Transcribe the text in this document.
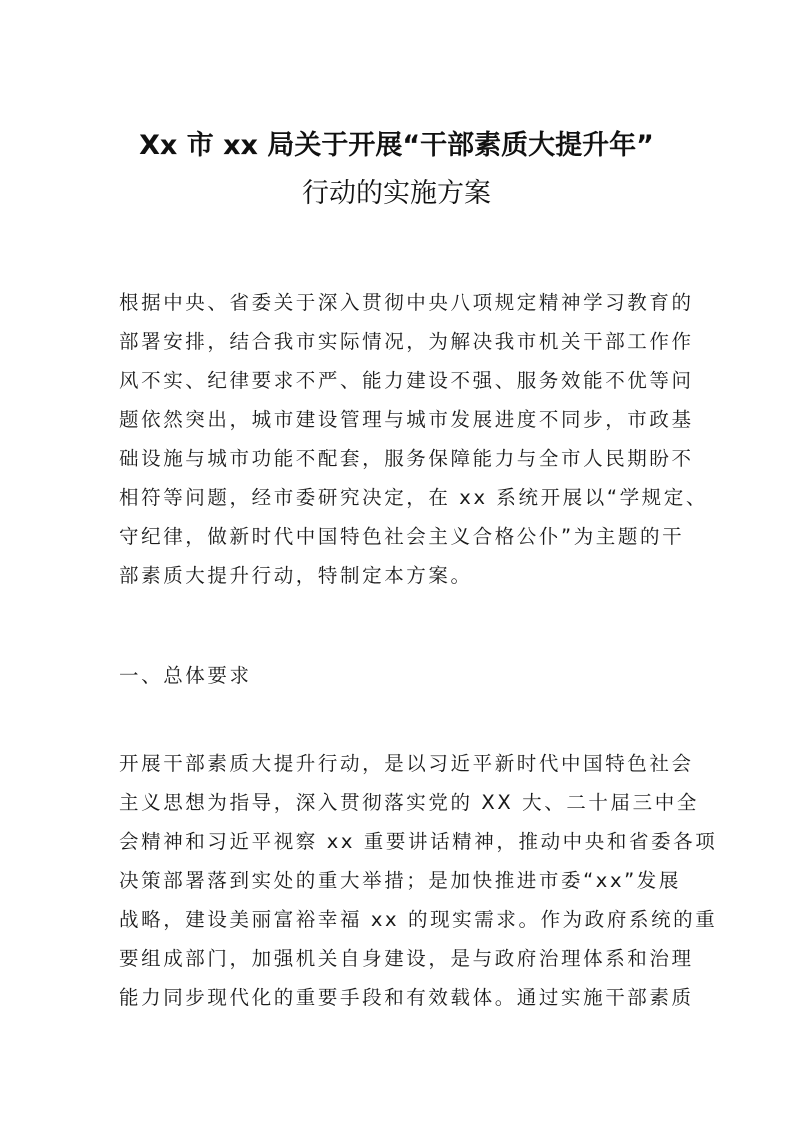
Xx 市 xx 局关于开展“干部素质大提升年”
行动的实施方案
根据中央、省委关于深入贯彻中央八项规定精神学习教育的
部署安排，结合我市实际情况，为解决我市机关干部工作作
风不实、纪律要求不严、能力建设不强、服务效能不优等问
题依然突出，城市建设管理与城市发展进度不同步，市政基
础设施与城市功能不配套，服务保障能力与全市人民期盼不
相符等问题，经市委研究决定，在 xx 系统开展以“学规定、
守纪律，做新时代中国特色社会主义合格公仆”为主题的干
部素质大提升行动，特制定本方案。
一、总体要求
开展干部素质大提升行动，是以习近平新时代中国特色社会
主义思想为指导，深入贯彻落实党的 XX 大、二十届三中全
会精神和习近平视察 xx 重要讲话精神，推动中央和省委各项
决策部署落到实处的重大举措；是加快推进市委“xx”发展
战略，建设美丽富裕幸福 xx 的现实需求。作为政府系统的重
要组成部门，加强机关自身建设，是与政府治理体系和治理
能力同步现代化的重要手段和有效载体。通过实施干部素质
